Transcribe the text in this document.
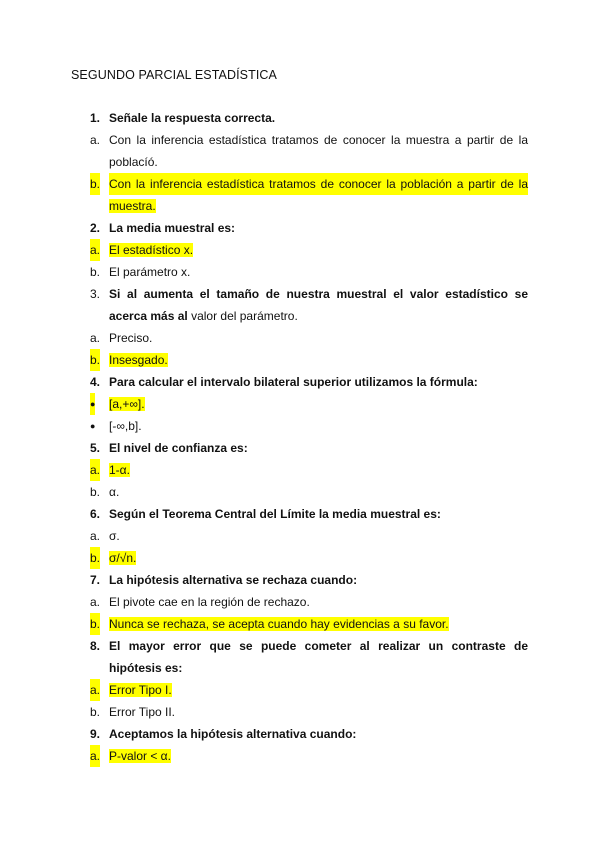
SEGUNDO PARCIAL ESTADÍSTICA
1. Señale la respuesta correcta.
a. Con la inferencia estadística tratamos de conocer la muestra a partir de la
poblacíó.
b. Con la inferencia estadística tratamos de conocer la población a partir de la
muestra.
2. La media muestral es:
a. El estadístico x.
b. El parámetro x.
3. Si al aumenta el tamaño de nuestra muestral el valor estadístico se
acerca más al valor del parámetro.
a. Preciso.
b. Insesgado.
4. Para calcular el intervalo bilateral superior utilizamos la fórmula:
● [a,+∞].
● [-∞,b].
5. El nivel de confianza es:
a. 1-α.
b. α.
6. Según el Teorema Central del Límite la media muestral es:
a. σ.
b. σ/√n.
7. La hipótesis alternativa se rechaza cuando:
a. El pivote cae en la región de rechazo.
b. Nunca se rechaza, se acepta cuando hay evidencias a su favor.
8. El mayor error que se puede cometer al realizar un contraste de
hipótesis es:
a. Error Tipo I.
b. Error Tipo II.
9. Aceptamos la hipótesis alternativa cuando:
a. P-valor < α.
